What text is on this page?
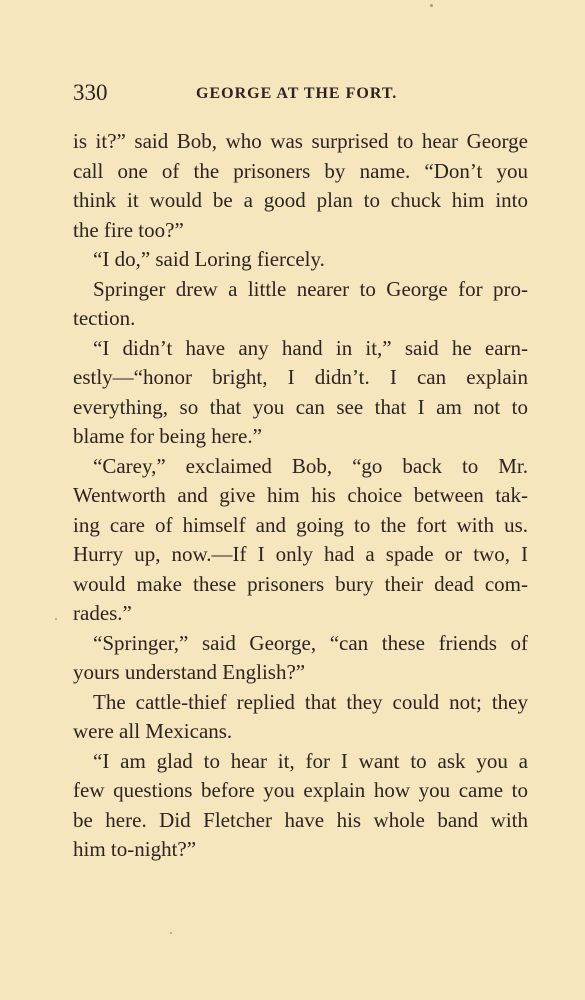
330	GEORGE AT THE FORT.
is it?” said Bob, who was surprised to hear George
call one of the prisoners by name. “Don’t you
think it would be a good plan to chuck him into
the fire too?”
“I do,” said Loring fiercely.
Springer drew a little nearer to George for pro-
tection.
“I didn’t have any hand in it,” said he earn-
estly—“honor bright, I didn’t. I can explain
everything, so that you can see that I am not to
blame for being here.”
“Carey,” exclaimed Bob, “go back to Mr.
Wentworth and give him his choice between tak-
ing care of himself and going to the fort with us.
Hurry up, now.—If I only had a spade or two, I
would make these prisoners bury their dead com-
rades.”
“Springer,” said George, “can these friends of
yours understand English?”
The cattle-thief replied that they could not; they
were all Mexicans.
“I am glad to hear it, for I want to ask you a
few questions before you explain how you came to
be here. Did Fletcher have his whole band with
him to-night?”
